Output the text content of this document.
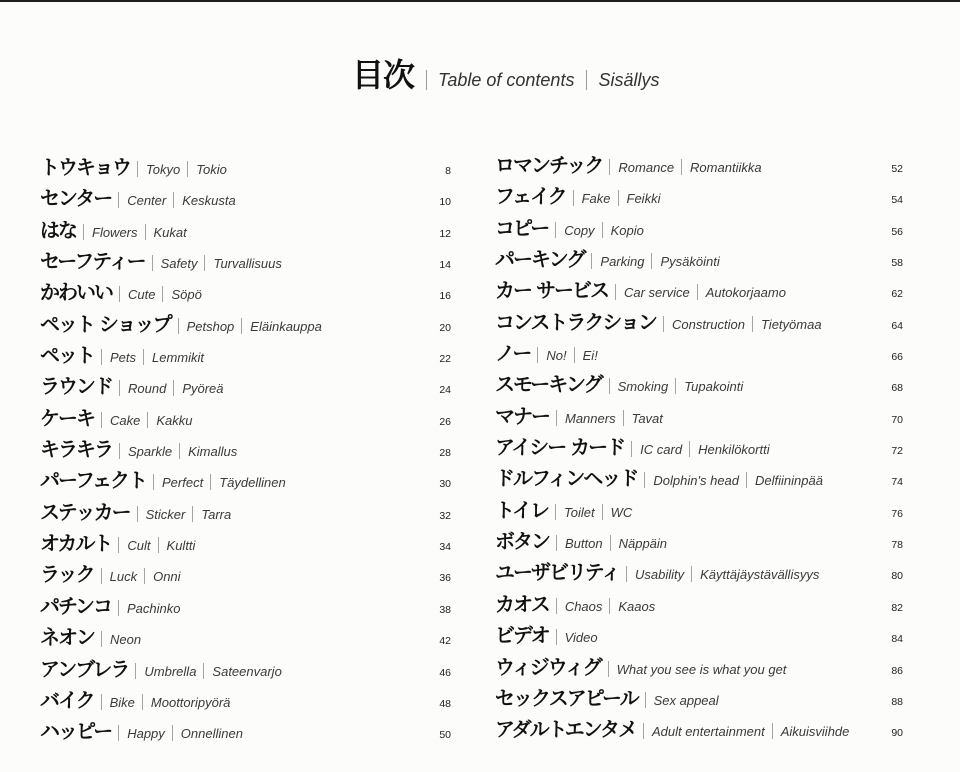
目次 Table of contents Sisällys
トウキョウ Tokyo Tokio	8
センター Center Keskusta	10
はな Flowers Kukat	12
セーフティー Safety Turvallisuus	14
かわいい Cute Söpö	16
ペット ショップ Petshop Eläinkauppa	20
ペット Pets Lemmikit	22
ラウンド Round Pyöreä	24
ケーキ Cake Kakku	26
キラキラ Sparkle Kimallus	28
パーフェクト Perfect Täydellinen	30
ステッカー Sticker Tarra	32
オカルト Cult Kultti	34
ラック Luck Onni	36
パチンコ Pachinko	38
ネオン Neon	42
アンブレラ Umbrella Sateenvarjo	46
バイク Bike Moottoripyörä	48
ハッピー Happy Onnellinen	50
ロマンチック Romance Romantiikka	52
フェイク Fake Feikki	54
コピー Copy Kopio	56
パーキング Parking Pysäköinti	58
カー サービス Car service Autokorjaamo	62
コンストラクション Construction Tietyömaa	64
ノー No! Ei!	66
スモーキング Smoking Tupakointi	68
マナー Manners Tavat	70
アイシー カード IC card Henkilökortti	72
ドルフィンヘッド Dolphin's head Delfiininpää	74
トイレ Toilet WC	76
ボタン Button Näppäin	78
ユーザビリティ Usability Käyttäjäystävällisyys	80
カオス Chaos Kaaos	82
ビデオ Video	84
ウィジウィグ What you see is what you get	86
セックスアピール Sex appeal	88
アダルトエンタメ Adult entertainment Aikuisviihde	90
